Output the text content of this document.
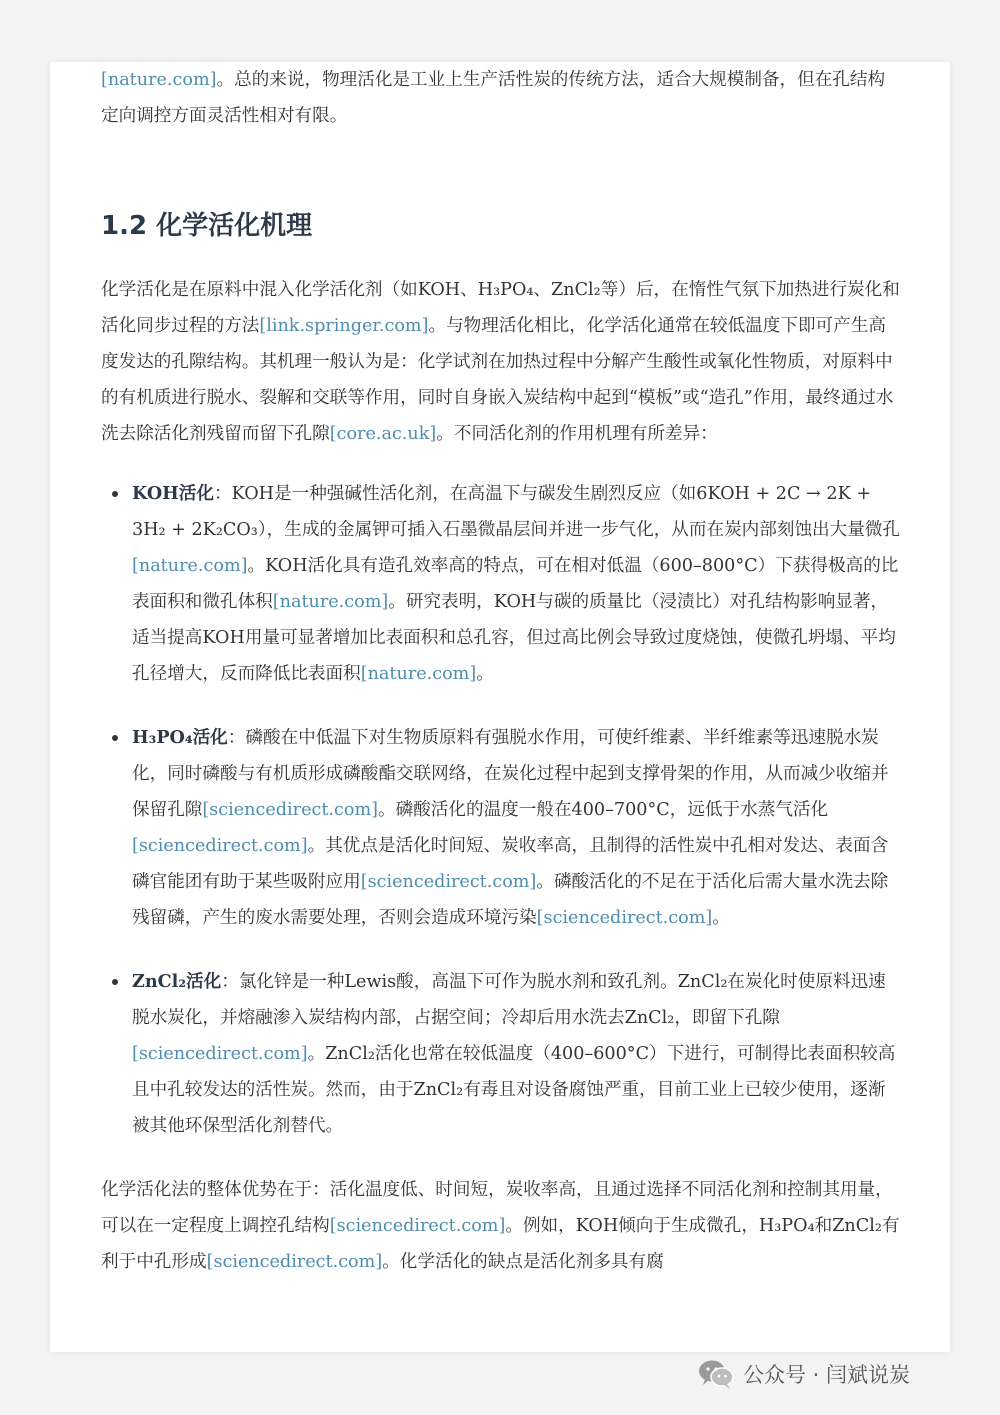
[nature.com]。总的来说，物理活化是工业上生产活性炭的传统方法，适合大规模制备，但在孔结构定向调控方面灵活性相对有限。

1.2 化学活化机理

化学活化是在原料中混入化学活化剂（如KOH、H₃PO₄、ZnCl₂等）后，在惰性气氛下加热进行炭化和活化同步过程的方法[link.springer.com]。与物理活化相比，化学活化通常在较低温度下即可产生高度发达的孔隙结构。其机理一般认为是：化学试剂在加热过程中分解产生酸性或氧化性物质，对原料中的有机质进行脱水、裂解和交联等作用，同时自身嵌入炭结构中起到“模板”或“造孔”作用，最终通过水洗去除活化剂残留而留下孔隙[core.ac.uk]。不同活化剂的作用机理有所差异：

KOH活化：KOH是一种强碱性活化剂，在高温下与碳发生剧烈反应（如6KOH + 2C → 2K + 3H₂ + 2K₂CO₃），生成的金属钾可插入石墨微晶层间并进一步气化，从而在炭内部刻蚀出大量微孔[nature.com]。KOH活化具有造孔效率高的特点，可在相对低温（600–800°C）下获得极高的比表面积和微孔体积[nature.com]。研究表明，KOH与碳的质量比（浸渍比）对孔结构影响显著，适当提高KOH用量可显著增加比表面积和总孔容，但过高比例会导致过度烧蚀，使微孔坍塌、平均孔径增大，反而降低比表面积[nature.com]。
H₃PO₄活化：磷酸在中低温下对生物质原料有强脱水作用，可使纤维素、半纤维素等迅速脱水炭化，同时磷酸与有机质形成磷酸酯交联网络，在炭化过程中起到支撑骨架的作用，从而减少收缩并保留孔隙[sciencedirect.com]。磷酸活化的温度一般在400–700°C，远低于水蒸气活化[sciencedirect.com]。其优点是活化时间短、炭收率高，且制得的活性炭中孔相对发达、表面含磷官能团有助于某些吸附应用[sciencedirect.com]。磷酸活化的不足在于活化后需大量水洗去除残留磷，产生的废水需要处理，否则会造成环境污染[sciencedirect.com]。
ZnCl₂活化：氯化锌是一种Lewis酸，高温下可作为脱水剂和致孔剂。ZnCl₂在炭化时使原料迅速脱水炭化，并熔融渗入炭结构内部，占据空间；冷却后用水洗去ZnCl₂，即留下孔隙[sciencedirect.com]。ZnCl₂活化也常在较低温度（400–600°C）下进行，可制得比表面积较高且中孔较发达的活性炭。然而，由于ZnCl₂有毒且对设备腐蚀严重，目前工业上已较少使用，逐渐被其他环保型活化剂替代。

化学活化法的整体优势在于：活化温度低、时间短，炭收率高，且通过选择不同活化剂和控制其用量，可以在一定程度上调控孔结构[sciencedirect.com]。例如，KOH倾向于生成微孔，H₃PO₄和ZnCl₂有利于中孔形成[sciencedirect.com]。化学活化的缺点是活化剂多具有腐

公众号 · 闫斌说炭
